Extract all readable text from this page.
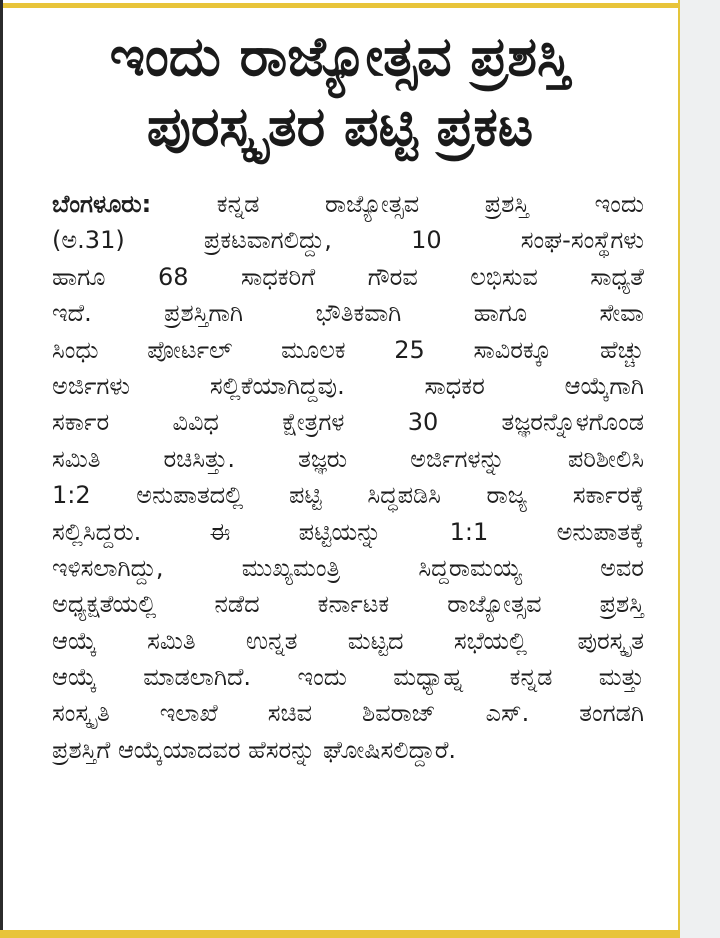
ಇಂದು ರಾಜ್ಯೋತ್ಸವ ಪ್ರಶಸ್ತಿ
ಪುರಸ್ಕೃತರ ಪಟ್ಟಿ ಪ್ರಕಟ
ಬೆಂಗಳೂರು: ಕನ್ನಡ ರಾಜ್ಯೋತ್ಸವ ಪ್ರಶಸ್ತಿ ಇಂದು
(ಅ.31) ಪ್ರಕಟವಾಗಲಿದ್ದು, 10 ಸಂಘ-ಸಂಸ್ಥೆಗಳು
ಹಾಗೂ 68 ಸಾಧಕರಿಗೆ ಗೌರವ ಲಭಿಸುವ ಸಾಧ್ಯತೆ
ಇದೆ. ಪ್ರಶಸ್ತಿಗಾಗಿ ಭೌತಿಕವಾಗಿ ಹಾಗೂ ಸೇವಾ
ಸಿಂಧು ಪೋರ್ಟಲ್ ಮೂಲಕ 25 ಸಾವಿರಕ್ಕೂ ಹೆಚ್ಚು
ಅರ್ಜಿಗಳು ಸಲ್ಲಿಕೆಯಾಗಿದ್ದವು. ಸಾಧಕರ ಆಯ್ಕೆಗಾಗಿ
ಸರ್ಕಾರ ವಿವಿಧ ಕ್ಷೇತ್ರಗಳ 30 ತಜ್ಞರನ್ನೊಳಗೊಂಡ
ಸಮಿತಿ ರಚಿಸಿತ್ತು. ತಜ್ಞರು ಅರ್ಜಿಗಳನ್ನು ಪರಿಶೀಲಿಸಿ
1:2 ಅನುಪಾತದಲ್ಲಿ ಪಟ್ಟಿ ಸಿದ್ಧಪಡಿಸಿ ರಾಜ್ಯ ಸರ್ಕಾರಕ್ಕೆ
ಸಲ್ಲಿಸಿದ್ದರು. ಈ ಪಟ್ಟಿಯನ್ನು 1:1 ಅನುಪಾತಕ್ಕೆ
ಇಳಿಸಲಾಗಿದ್ದು, ಮುಖ್ಯಮಂತ್ರಿ ಸಿದ್ದರಾಮಯ್ಯ ಅವರ
ಅಧ್ಯಕ್ಷತೆಯಲ್ಲಿ ನಡೆದ ಕರ್ನಾಟಕ ರಾಜ್ಯೋತ್ಸವ ಪ್ರಶಸ್ತಿ
ಆಯ್ಕೆ ಸಮಿತಿ ಉನ್ನತ ಮಟ್ಟದ ಸಭೆಯಲ್ಲಿ ಪುರಸ್ಕೃತ
ಆಯ್ಕೆ ಮಾಡಲಾಗಿದೆ. ಇಂದು ಮಧ್ಯಾಹ್ನ ಕನ್ನಡ ಮತ್ತು
ಸಂಸ್ಕೃತಿ ಇಲಾಖೆ ಸಚಿವ ಶಿವರಾಜ್ ಎಸ್. ತಂಗಡಗಿ
ಪ್ರಶಸ್ತಿಗೆ ಆಯ್ಕೆಯಾದವರ ಹೆಸರನ್ನು ಘೋಷಿಸಲಿದ್ದಾರೆ.
